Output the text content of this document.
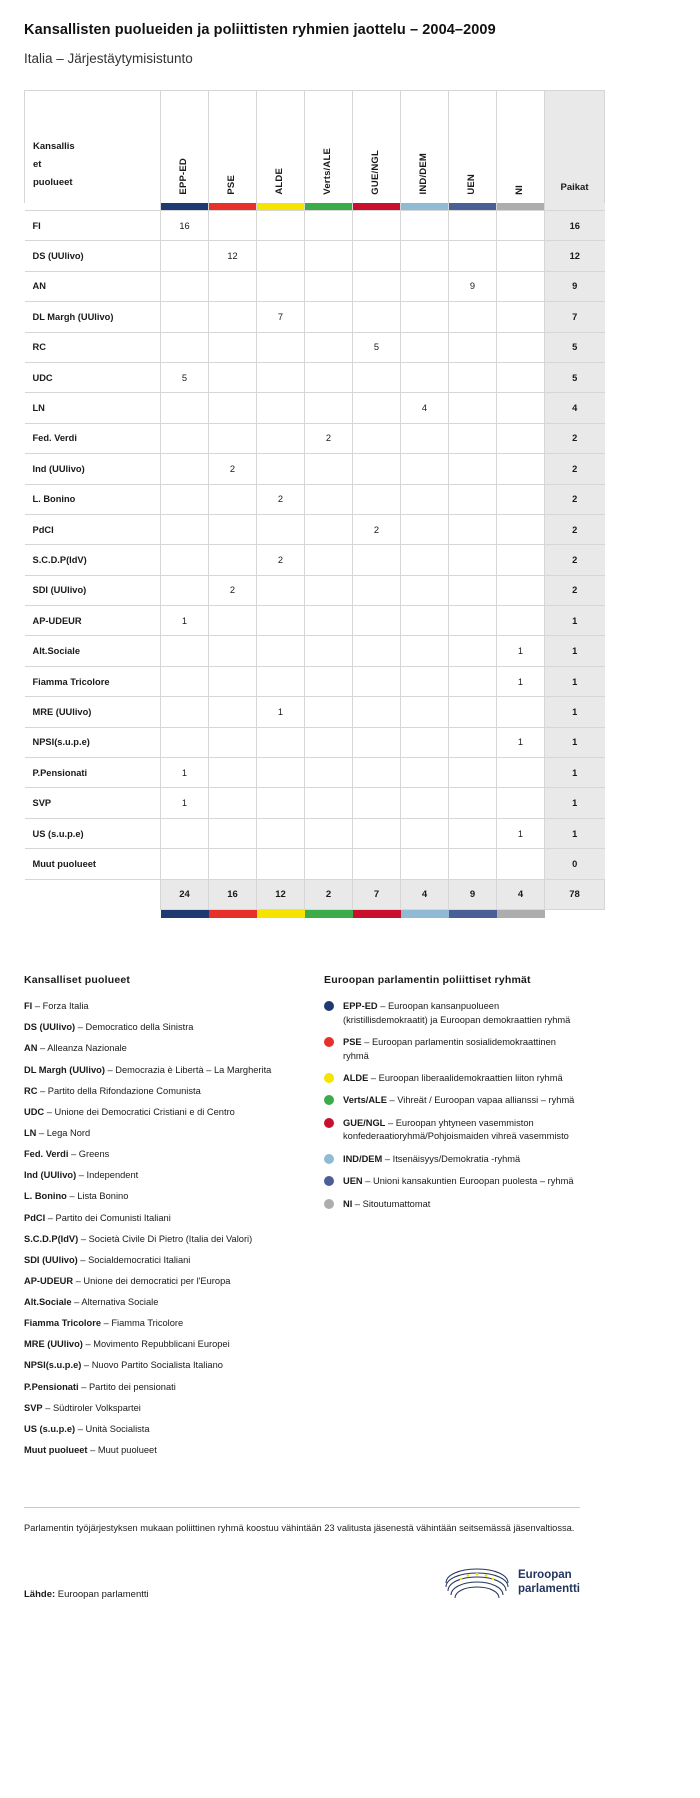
Kansallisten puolueiden ja poliittisten ryhmien jaottelu – 2004–2009
Italia – Järjestäytymisistunto
Kansallis
et
puolueet	EPP-ED	PSE	ALDE	Verts/ALE	GUE/NGL	IND/DEM	UEN	NI	Paikat

FI	16								16
DS (UUlivo)		12							12
AN							9		9
DL Margh (UUlivo)			7						7
RC					5				5
UDC	5								5
LN						4			4
Fed. Verdi				2					2
Ind (UUlivo)		2							2
L. Bonino			2						2
PdCI					2				2
S.C.D.P(IdV)			2						2
SDI (UUlivo)		2							2
AP-UDEUR	1								1
Alt.Sociale								1	1
Fiamma Tricolore								1	1
MRE (UUlivo)			1						1
NPSI(s.u.p.e)								1	1
P.Pensionati	1								1
SVP	1								1
US (s.u.p.e)								1	1
Muut puolueet									0
	24	16	12	2	7	4	9	4	78

Kansalliset puolueet
FI – Forza Italia
DS (UUlivo) – Democratico della Sinistra
AN – Alleanza Nazionale
DL Margh (UUlivo) – Democrazia è Libertà – La Margherita
RC – Partito della Rifondazione Comunista
UDC – Unione dei Democratici Cristiani e di Centro
LN – Lega Nord
Fed. Verdi – Greens
Ind (UUlivo) – Independent
L. Bonino – Lista Bonino
PdCI – Partito dei Comunisti Italiani
S.C.D.P(IdV) – Società Civile Di Pietro (Italia dei Valori)
SDI (UUlivo) – Socialdemocratici Italiani
AP-UDEUR – Unione dei democratici per l'Europa
Alt.Sociale – Alternativa Sociale
Fiamma Tricolore – Fiamma Tricolore
MRE (UUlivo) – Movimento Repubblicani Europei
NPSI(s.u.p.e) – Nuovo Partito Socialista Italiano
P.Pensionati – Partito dei pensionati
SVP – Südtiroler Volkspartei
US (s.u.p.e) – Unità Socialista
Muut puolueet – Muut puolueet
Euroopan parlamentin poliittiset ryhmät
EPP-ED – Euroopan kansanpuolueen (kristillisdemokraatit) ja Euroopan demokraattien ryhmä
PSE – Euroopan parlamentin sosialidemokraattinen ryhmä
ALDE – Euroopan liberaalidemokraattien liiton ryhmä
Verts/ALE – Vihreät / Euroopan vapaa allianssi – ryhmä
GUE/NGL – Euroopan yhtyneen vasemmiston konfederaatioryhmä/Pohjoismaiden vihreä vasemmisto
IND/DEM – Itsenäisyys/Demokratia -ryhmä
UEN – Unioni kansakuntien Euroopan puolesta – ryhmä
NI – Sitoutumattomat
Parlamentin työjärjestyksen mukaan poliittinen ryhmä koostuu vähintään 23 valitusta jäsenestä vähintään seitsemässä jäsenvaltiossa.
Lähde: Euroopan parlamentti
Euroopan
parlamentti
